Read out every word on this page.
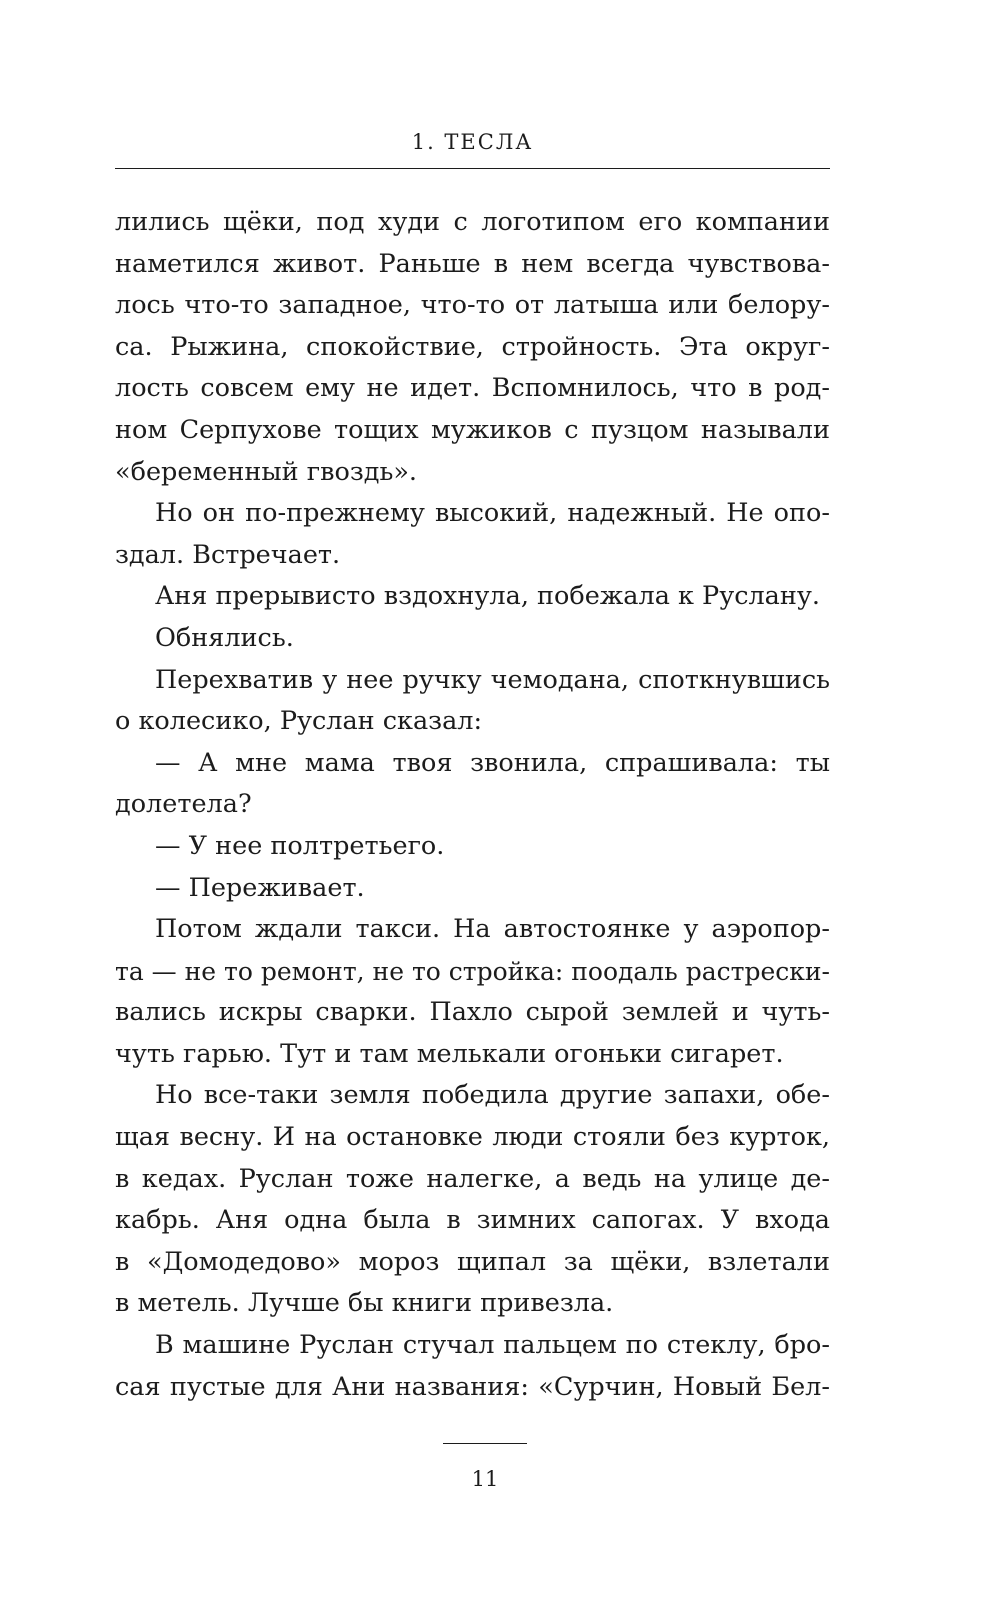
1. ТЕСЛА
лились щёки, под худи с логотипом его компании
наметился живот. Раньше в нем всегда чувствова-
лось что-то западное, что-то от латыша или белору-
са. Рыжина, спокойствие, стройность. Эта округ-
лость совсем ему не идет. Вспомнилось, что в род-
ном Серпухове тощих мужиков с пузцом называли
«беременный гвоздь».
Но он по-прежнему высокий, надежный. Не опо-
здал. Встречает.
Аня прерывисто вздохнула, побежала к Руслану.
Обнялись.
Перехватив у нее ручку чемодана, споткнувшись
о колесико, Руслан сказал:
— А мне мама твоя звонила, спрашивала: ты
долетела?
— У нее полтретьего.
— Переживает.
Потом ждали такси. На автостоянке у аэропор-
та — не то ремонт, не то стройка: поодаль растрески-
вались искры сварки. Пахло сырой землей и чуть-
чуть гарью. Тут и там мелькали огоньки сигарет.
Но все-таки земля победила другие запахи, обе-
щая весну. И на остановке люди стояли без курток,
в кедах. Руслан тоже налегке, а ведь на улице де-
кабрь. Аня одна была в зимних сапогах. У входа
в «Домодедово» мороз щипал за щёки, взлетали
в метель. Лучше бы книги привезла.
В машине Руслан стучал пальцем по стеклу, бро-
сая пустые для Ани названия: «Сурчин, Новый Бел-
11
